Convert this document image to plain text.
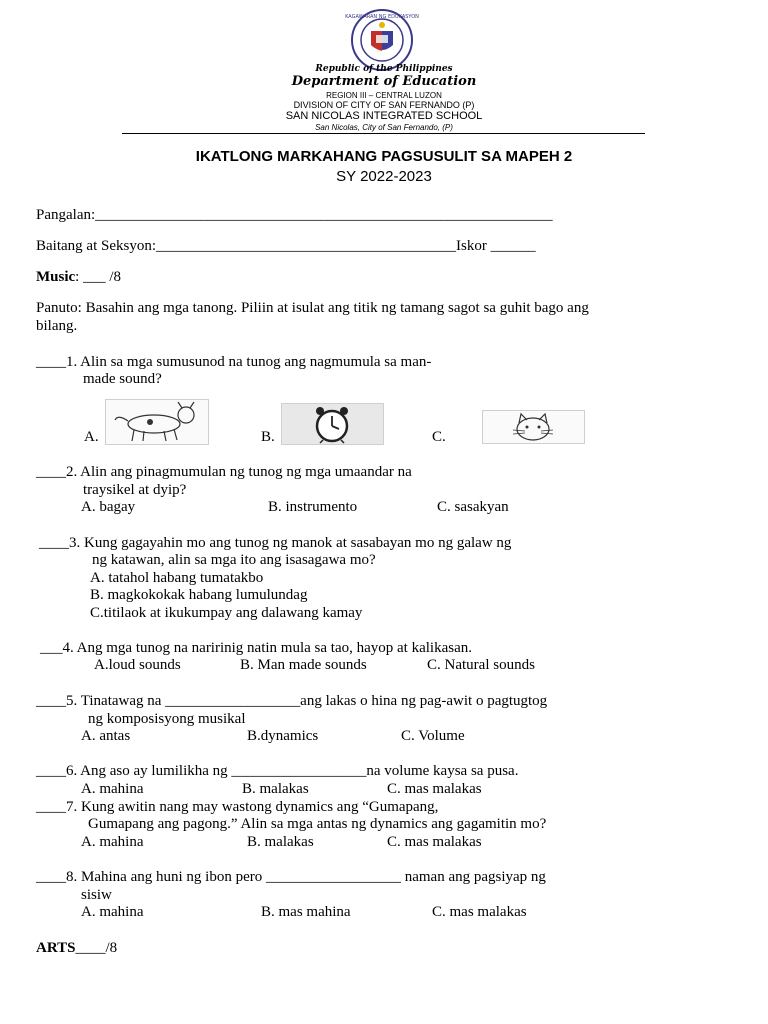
KAGAWARAN NG EDUKASYON
Republic of the Philippines
Department of Education
REGION III – CENTRAL LUZON
DIVISION OF CITY OF SAN FERNANDO (P)
SAN NICOLAS INTEGRATED SCHOOL
San Nicolas, City of San Fernando, (P)
IKATLONG MARKAHANG PAGSUSULIT SA MAPEH 2
SY 2022-2023
Pangalan:_____________________________________________________________
Baitang at Seksyon:________________________________________Iskor ______
Music: ___ /8
Panuto: Basahin ang mga tanong. Piliin at isulat ang titik ng tamang sagot sa guhit bago ang
bilang.
____1. Alin sa mga sumusunod na tunog ang nagmumula sa man-
made sound?
A.	B.	C.
____2. Alin ang pinagmumulan ng tunog ng mga umaandar na
traysikel at dyip?
A. bagay	B. instrumento	C. sasakyan
____3. Kung gagayahin mo ang tunog ng manok at sasabayan mo ng galaw ng
ng katawan, alin sa mga ito ang isasagawa mo?
A. tatahol habang tumatakbo
B. magkokokak habang lumulundag
C.titilaok at ikukumpay ang dalawang kamay
___4. Ang mga tunog na naririnig natin mula sa tao, hayop at kalikasan.
A.loud sounds	B. Man made sounds	C. Natural sounds
____5. Tinatawag na __________________ang lakas o hina ng pag-awit o pagtugtog
ng komposisyong musikal
A. antas	B.dynamics	C. Volume
____6. Ang aso ay lumilikha ng __________________na volume kaysa sa pusa.
A. mahina	B. malakas	C. mas malakas
____7. Kung awitin nang may wastong dynamics ang “Gumapang,
Gumapang ang pagong.” Alin sa mga antas ng dynamics ang gagamitin mo?
A. mahina	B. malakas	C. mas malakas
____8. Mahina ang huni ng ibon pero __________________ naman ang pagsiyap ng
sisiw
A. mahina	B. mas mahina	C. mas malakas
ARTS____/8
